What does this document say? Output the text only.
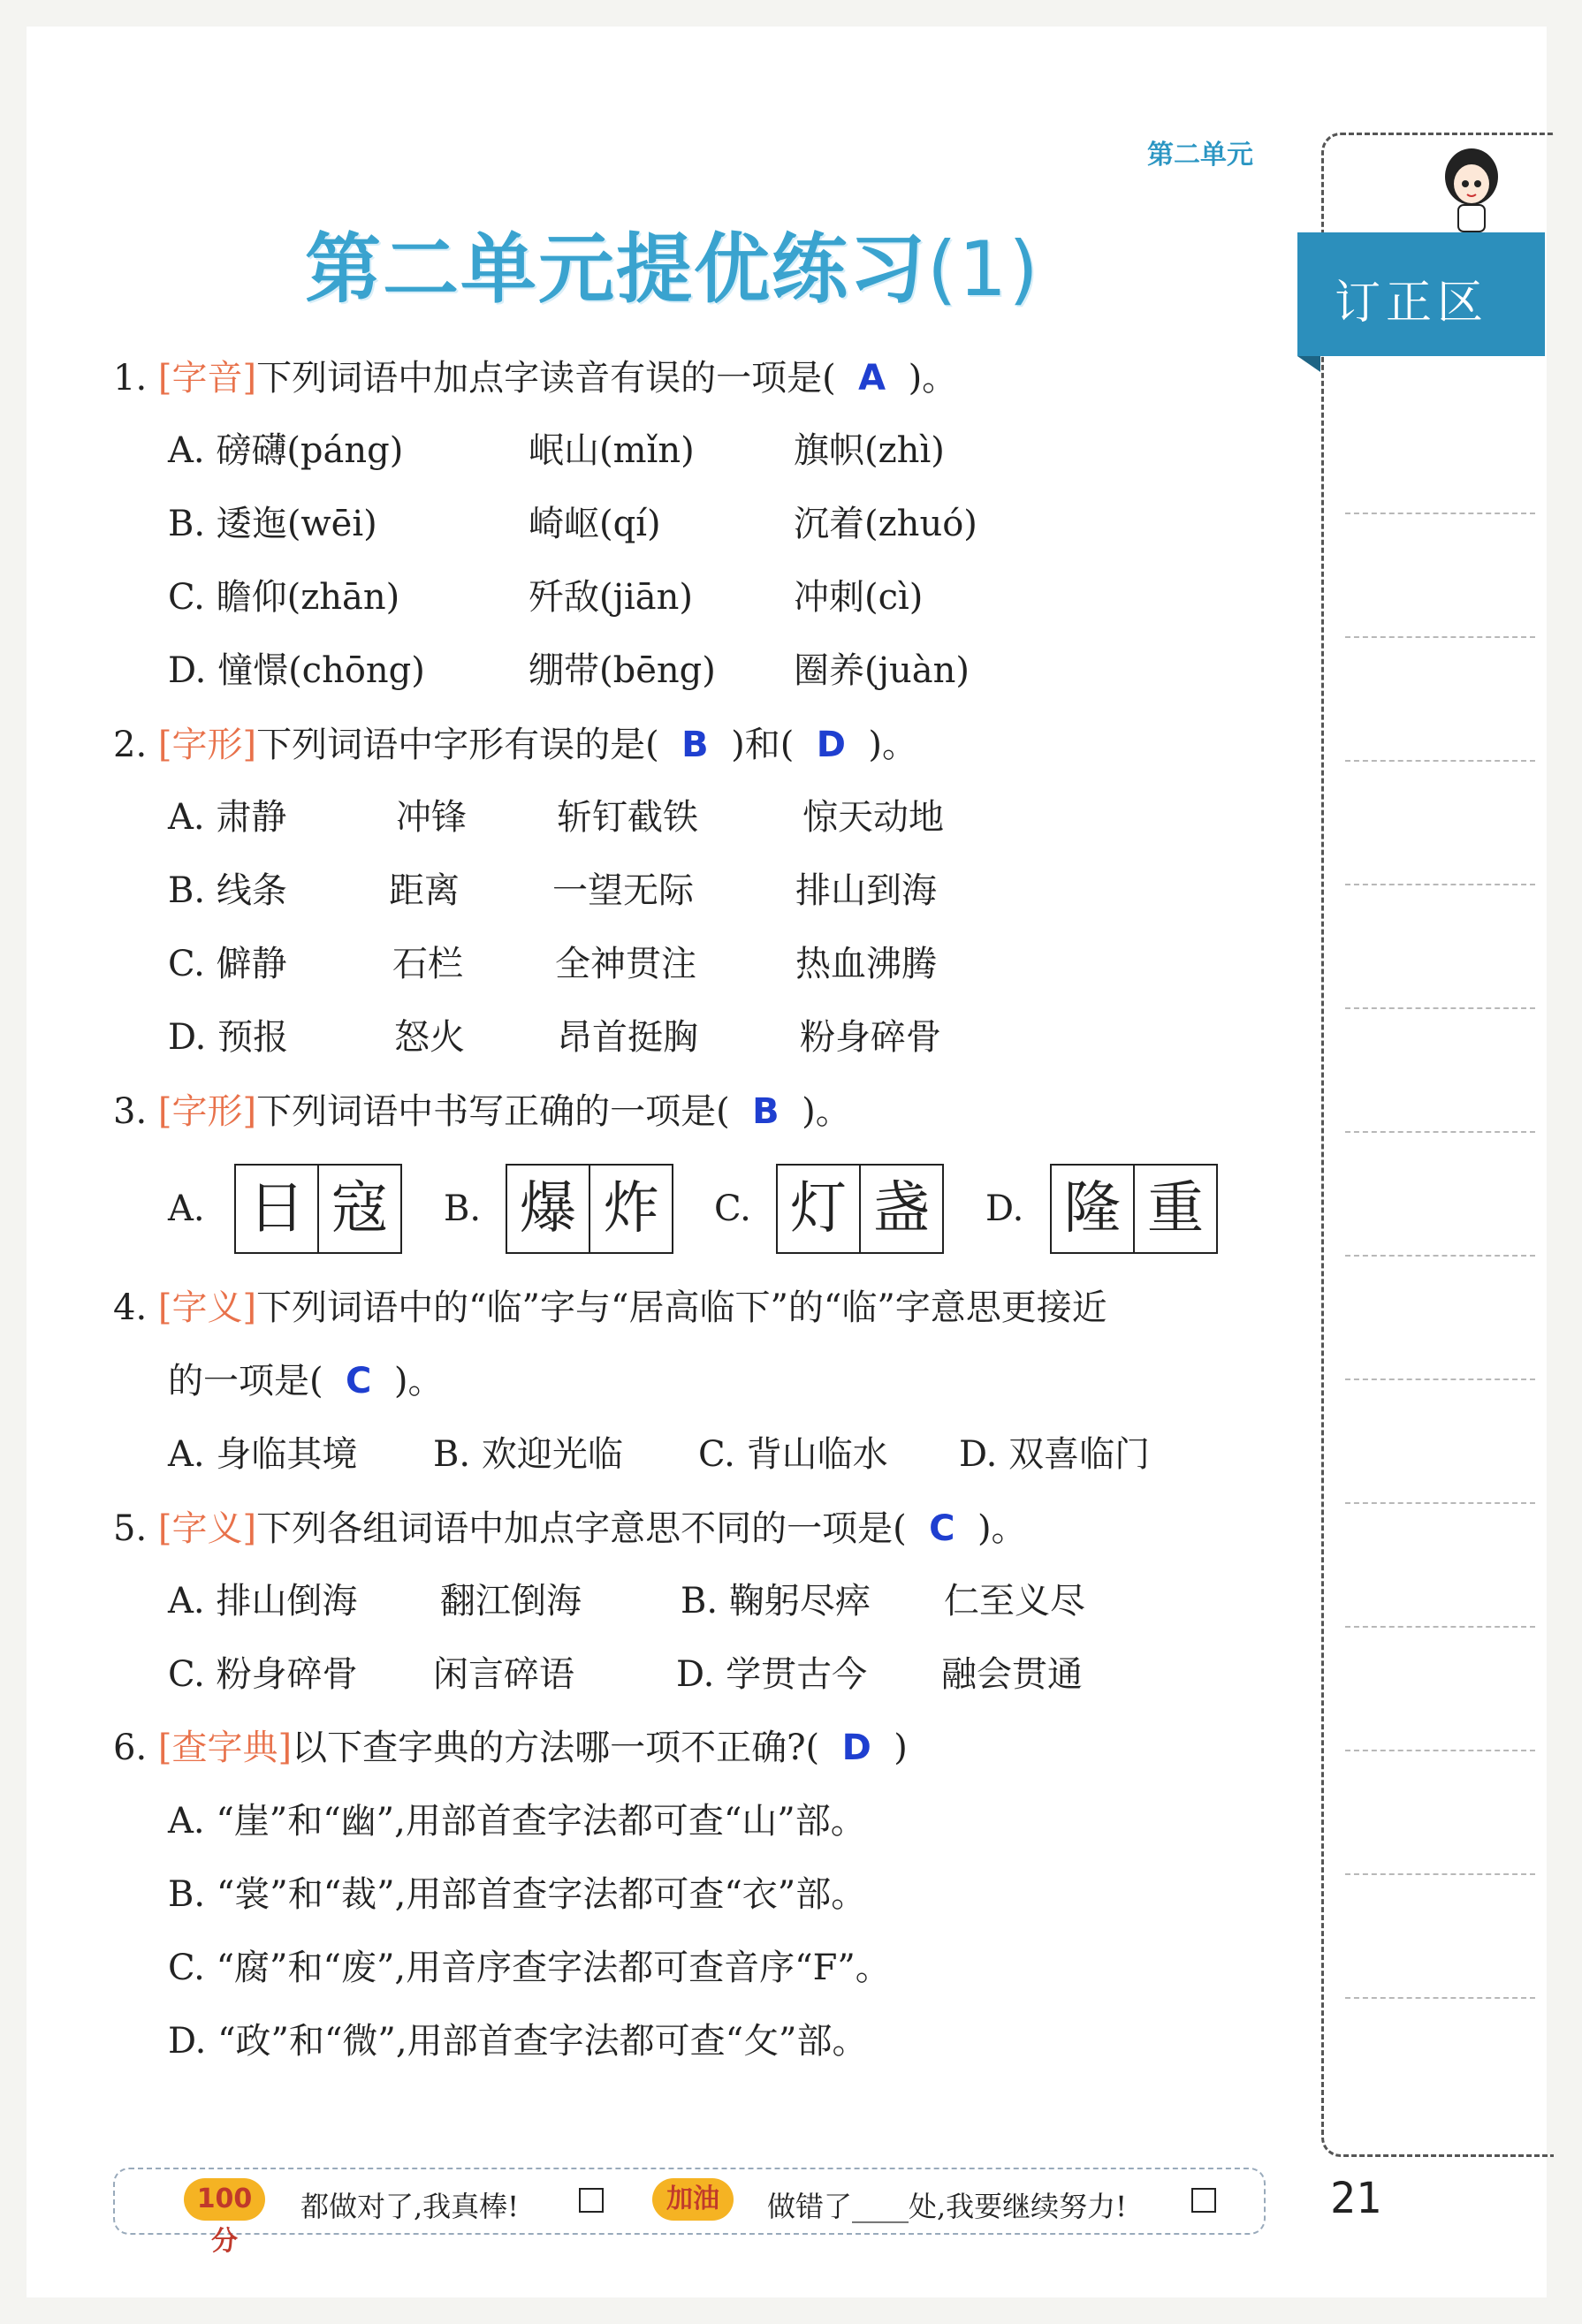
第二单元
第二单元提优练习(1)	订正区
1. [字音]下列词语中加点字读音有误的一项是( A )。
A. 磅礴(páng)	岷山(mǐn)	旗帜(zhì)
B. 逶迤(wēi)	崎岖(qí)	沉着(zhuó)
C. 瞻仰(zhān)	歼敌(jiān)	冲刺(cì)
D. 憧憬(chōng)	绷带(bēng) 圈养(juàn)
2. [字形]下列词语中字形有误的是( B )和( D )。
A. 肃静	冲锋	斩钉截铁	惊天动地
B. 线条	距离	一望无际	排山到海
C. 僻静	石栏	全神贯注	热血沸腾
D. 预报	怒火	昂首挺胸	粉身碎骨
3. [字形]下列词语中书写正确的一项是( B )。
A. 日 寇	B. 爆 炸	C. 灯 盏	D. 隆 重
4. [字义]下列词语中的“临”字与“居高临下”的“临”字意思更接近
的一项是( C )。
A. 身临其境 B. 欢迎光临 C. 背山临水 D. 双喜临门
5. [字义]下列各组词语中加点字意思不同的一项是( C )。
A. 排山倒海 翻江倒海	B. 鞠躬尽瘁 仁至义尽
C. 粉身碎骨 闲言碎语	D. 学贯古今 融会贯通
6. [查字典]以下查字典的方法哪一项不正确?( D )
A. “崖”和“幽”,用部首查字法都可查“山”部。
B. “裳”和“裁”,用部首查字法都可查“衣”部。
C. “腐”和“废”,用音序查字法都可查音序“F”。
D. “政”和“微”,用部首查字法都可查“攵”部。
100分
都做对了,我真棒!	加油	做错了____处,我要继续努力!	21
